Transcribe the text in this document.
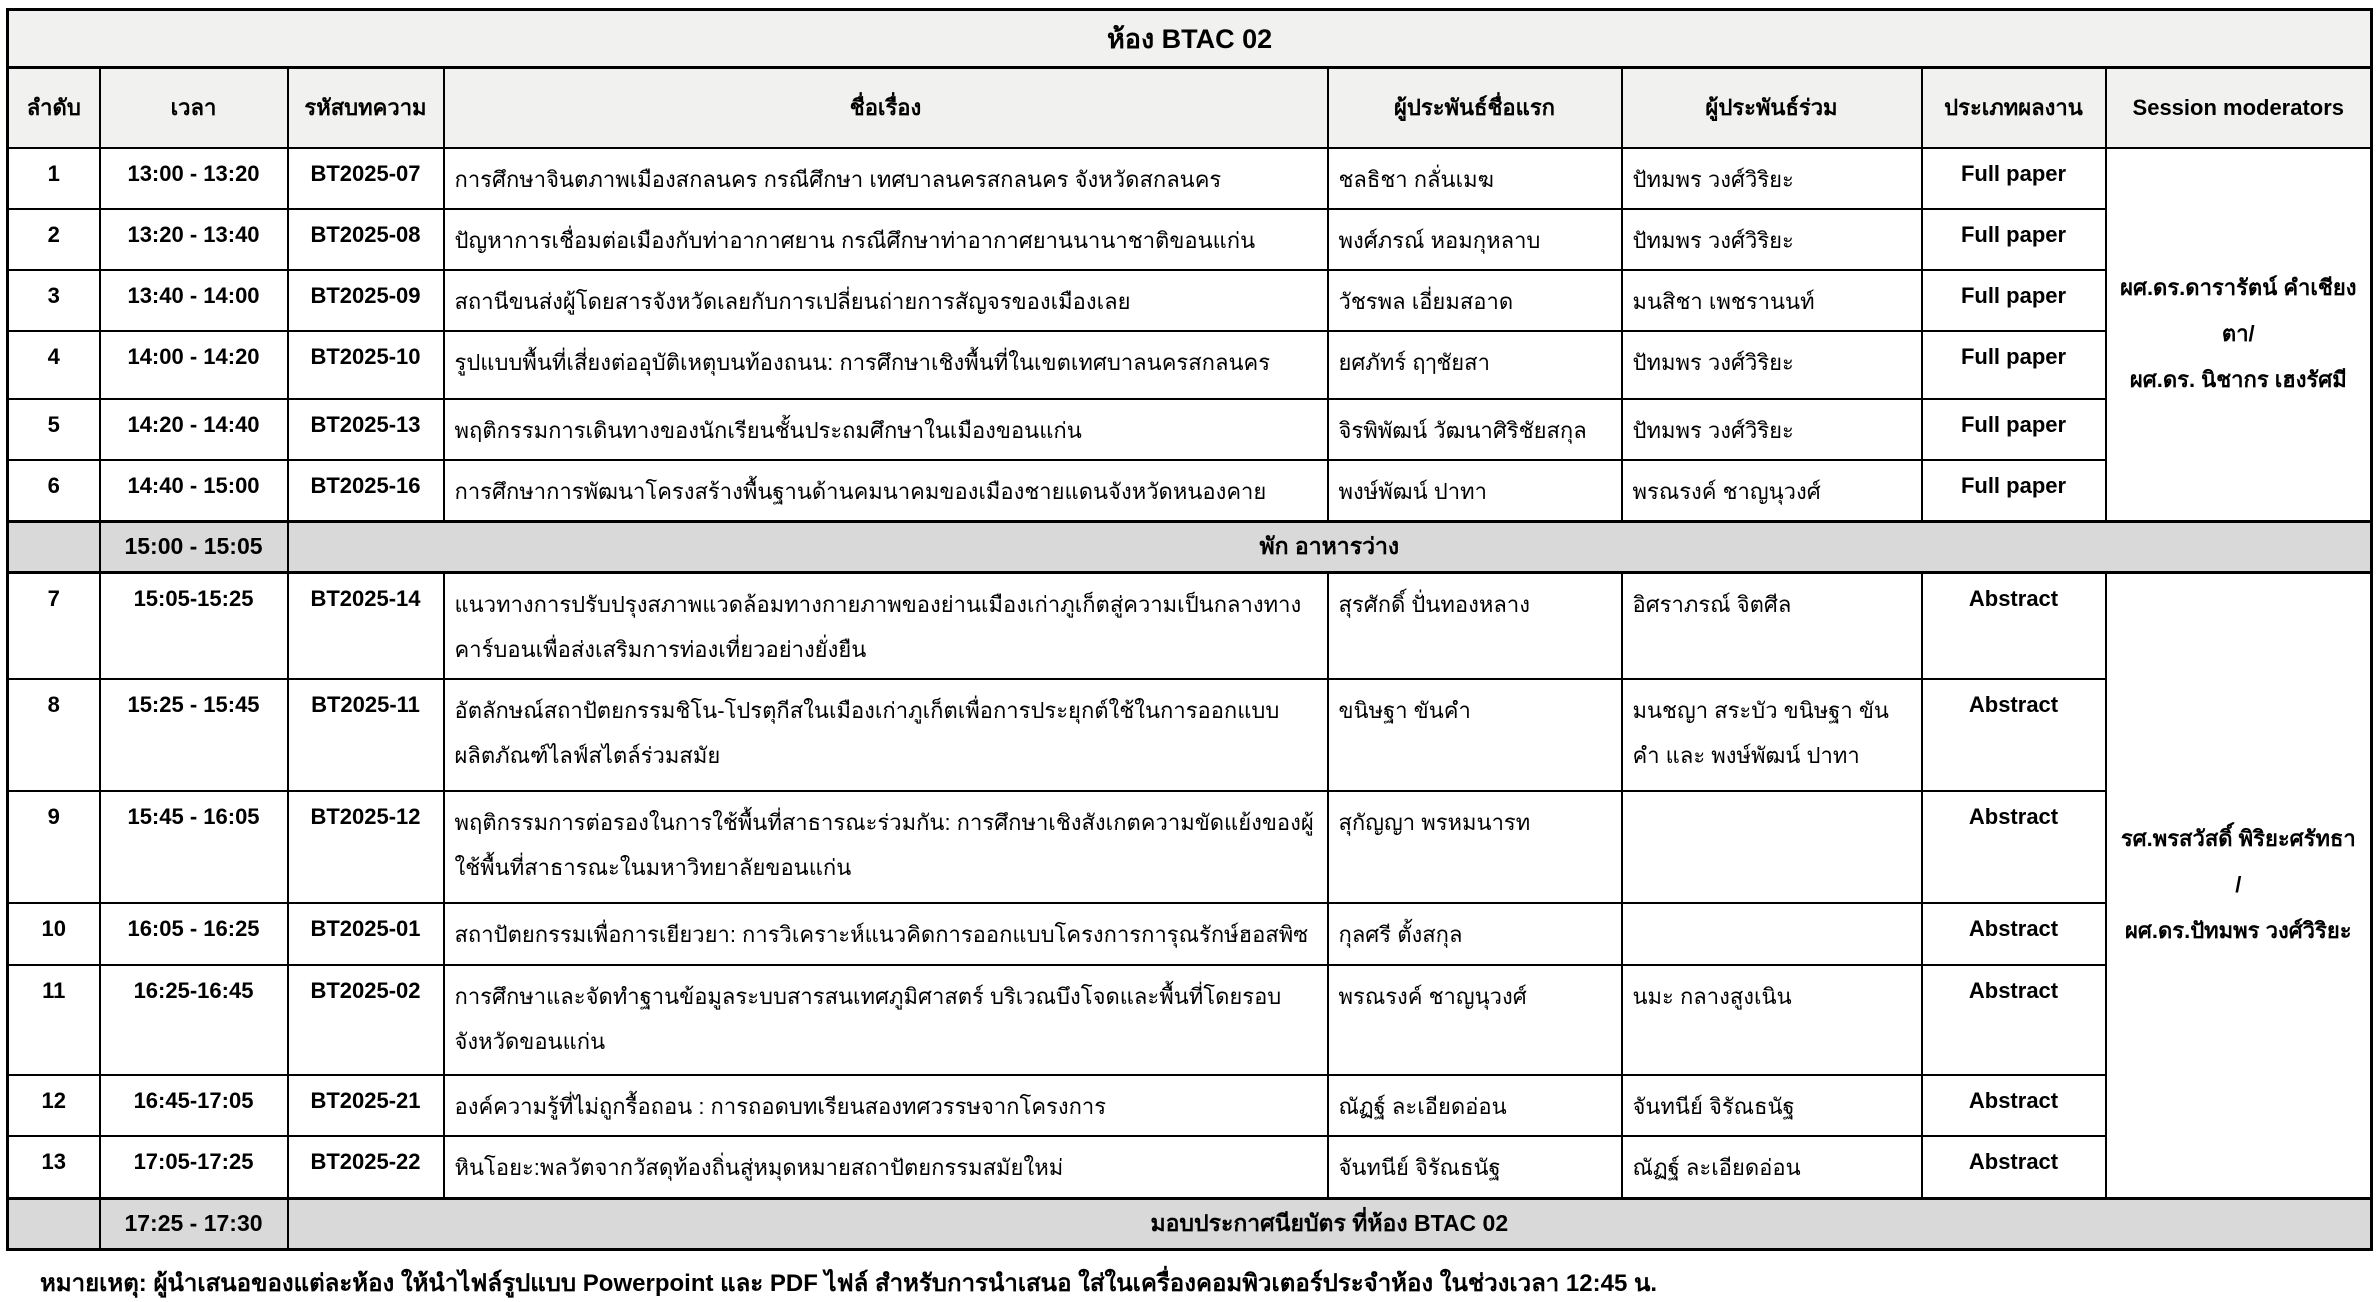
ห้อง BTAC 02							
ลำดับ	เวลา	รหัสบทความ	ชื่อเรื่อง	ผู้ประพันธ์ชื่อแรก	ผู้ประพันธ์ร่วม	ประเภทผลงาน	Session moderators
1	13:00 - 13:20	BT2025-07	การศึกษาจินตภาพเมืองสกลนคร กรณีศึกษา เทศบาลนครสกลนคร จังหวัดสกลนคร	ชลธิชา กลั่นเมฆ	ปัทมพร วงศ์วิริยะ	Full paper	ผศ.ดร.ดารารัตน์ คำเชียงตา/
ผศ.ดร. นิชากร เฮงรัศมี

2	13:20 - 13:40	BT2025-08	ปัญหาการเชื่อมต่อเมืองกับท่าอากาศยาน กรณีศึกษาท่าอากาศยานนานาชาติขอนแก่น	พงศ์ภรณ์ หอมกุหลาบ	ปัทมพร วงศ์วิริยะ	Full paper	
3	13:40 - 14:00	BT2025-09	สถานีขนส่งผู้โดยสารจังหวัดเลยกับการเปลี่ยนถ่ายการสัญจรของเมืองเลย	วัชรพล เอี่ยมสอาด	มนสิชา เพชรานนท์	Full paper	
4	14:00 - 14:20	BT2025-10	รูปแบบพื้นที่เสี่ยงต่ออุบัติเหตุบนท้องถนน: การศึกษาเชิงพื้นที่ในเขตเทศบาลนครสกลนคร	ยศภัทร์ ฤๅชัยสา	ปัทมพร วงศ์วิริยะ	Full paper	
5	14:20 - 14:40	BT2025-13	พฤติกรรมการเดินทางของนักเรียนชั้นประถมศึกษาในเมืองขอนแก่น	จิรพิพัฒน์ วัฒนาศิริชัยสกุล	ปัทมพร วงศ์วิริยะ	Full paper	
6	14:40 - 15:00	BT2025-16	การศึกษาการพัฒนาโครงสร้างพื้นฐานด้านคมนาคมของเมืองชายแดนจังหวัดหนองคาย	พงษ์พัฒน์ ปาทา	พรณรงค์ ชาญนุวงศ์	Full paper	
	15:00 - 15:05	พัก อาหารว่าง					
7	15:05-15:25	BT2025-14	แนวทางการปรับปรุงสภาพแวดล้อมทางกายภาพของย่านเมืองเก่าภูเก็ตสู่ความเป็นกลางทางคาร์บอนเพื่อส่งเสริมการท่องเที่ยวอย่างยั่งยืน	สุรศักดิ์ ปั่นทองหลาง	อิศราภรณ์ จิตศีล	Abstract	รศ.พรสวัสดิ์ พิริยะศรัทธา /
ผศ.ดร.ปัทมพร วงศ์วิริยะ

8	15:25 - 15:45	BT2025-11	อัตลักษณ์สถาปัตยกรรมชิโน-โปรตุกีสในเมืองเก่าภูเก็ตเพื่อการประยุกต์ใช้ในการออกแบบผลิตภัณฑ์ไลฟ์สไตล์ร่วมสมัย	ขนิษฐา ขันคำ	มนชญา สระบัว ขนิษฐา ขันคำ และ พงษ์พัฒน์ ปาทา	Abstract	
9	15:45 - 16:05	BT2025-12	พฤติกรรมการต่อรองในการใช้พื้นที่สาธารณะร่วมกัน: การศึกษาเชิงสังเกตความขัดแย้งของผู้ใช้พื้นที่สาธารณะในมหาวิทยาลัยขอนแก่น	สุกัญญา พรหมนารท		Abstract	
10	16:05 - 16:25	BT2025-01	สถาปัตยกรรมเพื่อการเยียวยา: การวิเคราะห์แนวคิดการออกแบบโครงการการุณรักษ์ฮอสพิซ	กุลศรี ตั้งสกุล		Abstract	
11	16:25-16:45	BT2025-02	การศึกษาและจัดทำฐานข้อมูลระบบสารสนเทศภูมิศาสตร์ บริเวณบึงโจดและพื้นที่โดยรอบจังหวัดขอนแก่น	พรณรงค์ ชาญนุวงศ์	นมะ กลางสูงเนิน	Abstract	
12	16:45-17:05	BT2025-21	องค์ความรู้ที่ไม่ถูกรื้อถอน : การถอดบทเรียนสองทศวรรษจากโครงการ	ณัฏฐ์ ละเอียดอ่อน	จันทนีย์ จิรัณธนัฐ	Abstract	
13	17:05-17:25	BT2025-22	หินโอยะ:พลวัตจากวัสดุท้องถิ่นสู่หมุดหมายสถาปัตยกรรมสมัยใหม่	จันทนีย์ จิรัณธนัฐ	ณัฏฐ์ ละเอียดอ่อน	Abstract	
	17:25 - 17:30	มอบประกาศนียบัตร ที่ห้อง BTAC 02					
หมายเหตุ: ผู้นำเสนอของแต่ละห้อง ให้นำไฟล์รูปแบบ Powerpoint และ PDF ไฟล์ สำหรับการนำเสนอ ใส่ในเครื่องคอมพิวเตอร์ประจำห้อง ในช่วงเวลา 12:45 น.
